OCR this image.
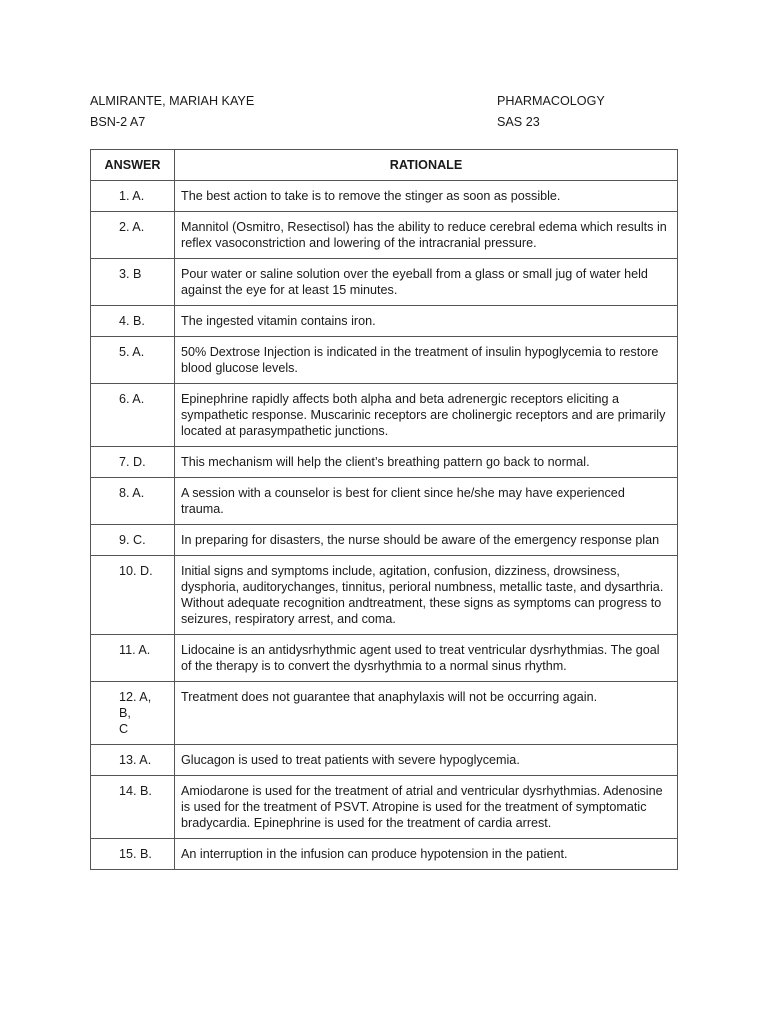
ALMIRANTE, MARIAH KAYE	PHARMACOLOGY
BSN-2 A7	SAS 23
ANSWER	RATIONALE

1. A.	The best action to take is to remove the stinger as soon as possible.

2. A.	Mannitol (Osmitro, Resectisol) has the ability to reduce cerebral edema which results in reflex vasoconstriction and lowering of the intracranial pressure.

3. B	Pour water or saline solution over the eyeball from a glass or small jug of water held against the eye for at least 15 minutes.

4. B.	The ingested vitamin contains iron.

5. A.	50% Dextrose Injection is indicated in the treatment of insulin hypoglycemia to restore blood glucose levels.

6. A.	Epinephrine rapidly affects both alpha and beta adrenergic receptors eliciting a sympathetic response. Muscarinic receptors are cholinergic receptors and are primarily located at parasympathetic junctions.

7. D.	This mechanism will help the client’s breathing pattern go back to normal.

8. A.	A session with a counselor is best for client since he/she may have experienced trauma.

9. C.	In preparing for disasters, the nurse should be aware of the emergency response plan

10. D.	Initial signs and symptoms include, agitation, confusion, dizziness, drowsiness, dysphoria, auditorychanges, tinnitus, perioral numbness, metallic taste, and dysarthria. Without adequate recognition andtreatment, these signs as symptoms can progress to seizures, respiratory arrest, and coma.

11. A.	Lidocaine is an antidysrhythmic agent used to treat ventricular dysrhythmias. The goal of the therapy is to convert the dysrhythmia to a normal sinus rhythm.

12. A,
B,
C	Treatment does not guarantee that anaphylaxis will not be occurring again.

13. A.	Glucagon is used to treat patients with severe hypoglycemia.

14. B.	Amiodarone is used for the treatment of atrial and ventricular dysrhythmias. Adenosine is used for the treatment of PSVT. Atropine is used for the treatment of symptomatic bradycardia. Epinephrine is used for the treatment of cardia arrest.

15. B.	An interruption in the infusion can produce hypotension in the patient.
